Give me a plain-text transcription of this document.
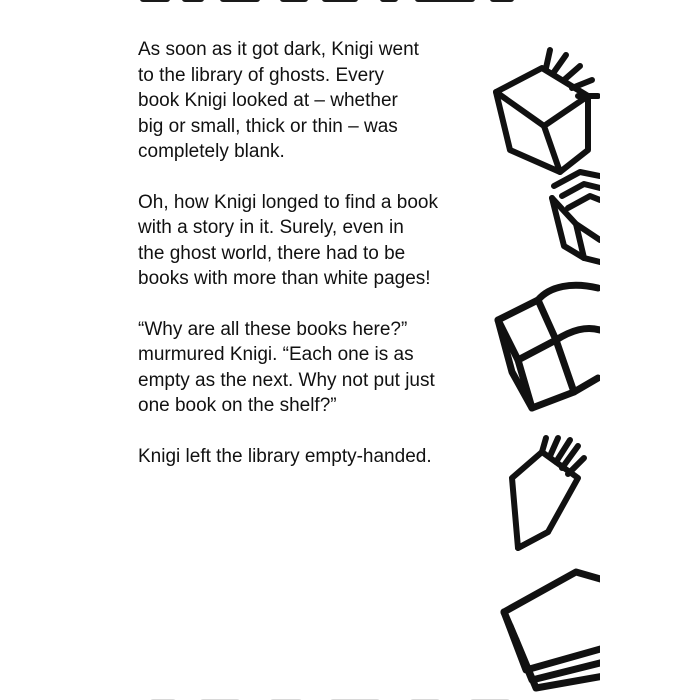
As soon as it got dark, Knigi went
to the library of ghosts. Every
book Knigi looked at – whether
big or small, thick or thin – was
completely blank.

Oh, how Knigi longed to find a book
with a story in it. Surely, even in
the ghost world, there had to be
books with more than white pages!

“Why are all these books here?”
murmured Knigi. “Each one is as
empty as the next. Why not put just
one book on the shelf?”

Knigi left the library empty-handed.
